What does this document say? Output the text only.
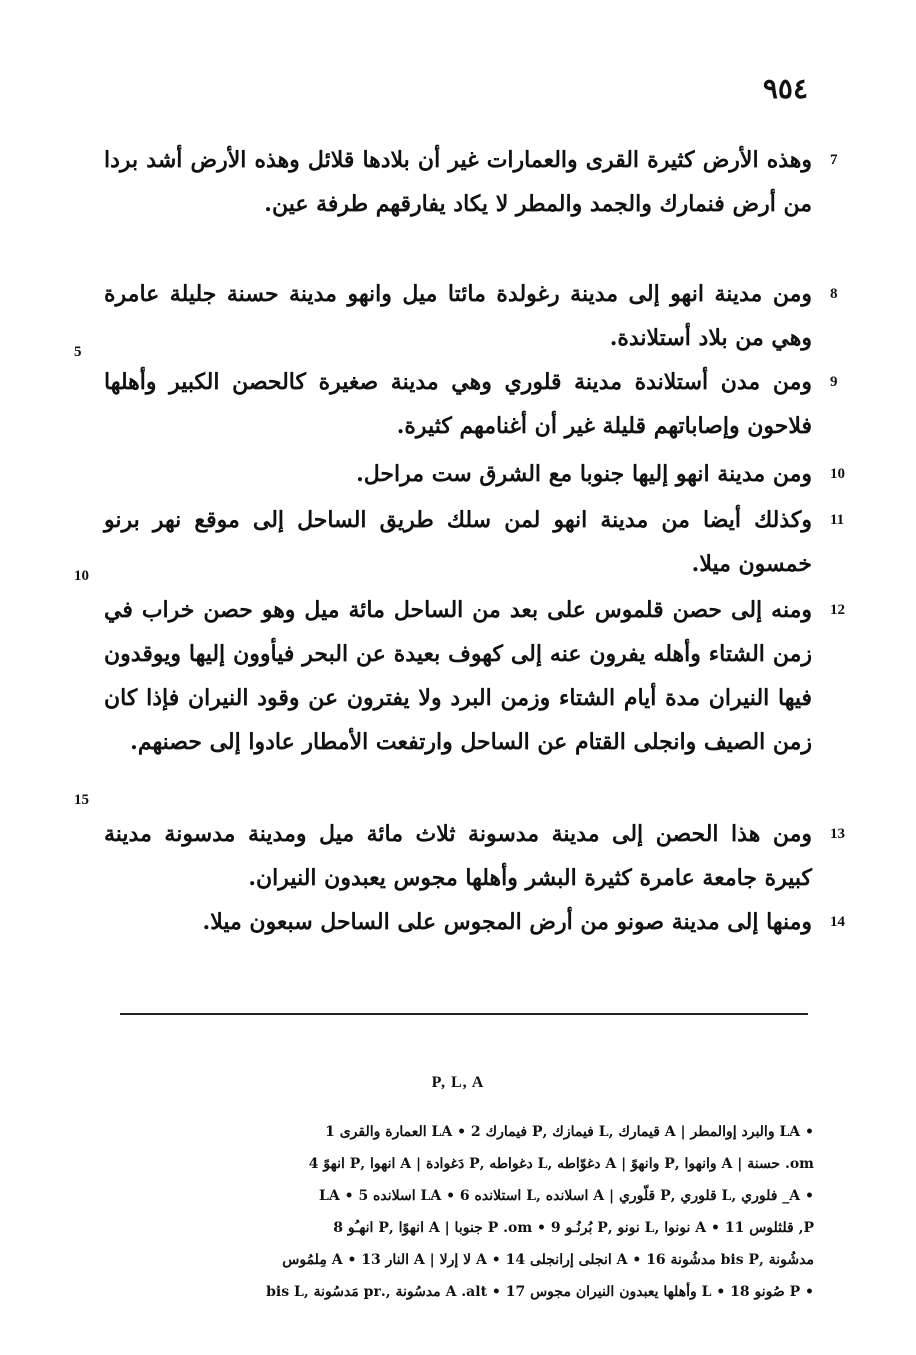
٩٥٤
7

وهذه الأرض كثيرة القرى والعمارات غير أن بلادها قلائل وهذه الأرض أشد بردا من أرض فنمارك والجمد والمطر لا يكاد يفارقهم طرفة عين.

8

ومن مدينة انهو إلى مدينة رغولدة مائتا ميل وانهو مدينة حسنة جليلة عامرة وهي من بلاد أستلاندة.

9

ومن مدن أستلاندة مدينة قلوري وهي مدينة صغيرة كالحصن الكبير وأهلها فلاحون وإصاباتهم قليلة غير أن أغنامهم كثيرة.

10

ومن مدينة انهو إليها جنوبا مع الشرق ست مراحل.

11

وكذلك أيضا من مدينة انهو لمن سلك طريق الساحل إلى موقع نهر برنو خمسون ميلا.

12

ومنه إلى حصن قلموس على بعد من الساحل مائة ميل وهو حصن خراب في زمن الشتاء وأهله يفرون عنه إلى كهوف بعيدة عن البحر فيأوون إليها ويوقدون فيها النيران مدة أيام الشتاء وزمن البرد ولا يفترون عن وقود النيران فإذا كان زمن الصيف وانجلى القتام عن الساحل وارتفعت الأمطار عادوا إلى حصنهم.

13

ومن هذا الحصن إلى مدينة مدسونة ثلاث مائة ميل ومدينة مدسونة مدينة كبيرة جامعة عامرة كثيرة البشر وأهلها مجوس يعبدون النيران.

14

ومنها إلى مدينة صونو من أرض المجوس على الساحل سبعون ميلا.

5
10
15
P, L, A
• LA والبرد إوالمطر | A قيمارك ,L فيمازك ,P فيمارك 2 • LA العمارة والقرى 1
om. حسنة | A وانهوا ,P وانهوً | A دغوّاطه ,L دغواطه ,P دَغوادة | A انهوا ,P انهوً 4
• A_ فلوري ,L قلوري ,P قلّوري | A اسلانده ,L استلانده 6 • LA اسلانده 5 • LA
P, قلثلوس 11 • A نونوا ,L نونو ,P بُرنُـو 9 • P .om جنوبا | A انهوًا ,P انهـُو 8
مدشُونة ,bis P مدشُونة 16 • A انجلى إرانجلى 14 • A لا إرلا | A النار 13 • A مِلمُوس
• P صُونو 18 • L وأهلها يعبدون النيران مجوس 17 • A .alt مدسُونة ,.pr مَدسُونة ,bis L
